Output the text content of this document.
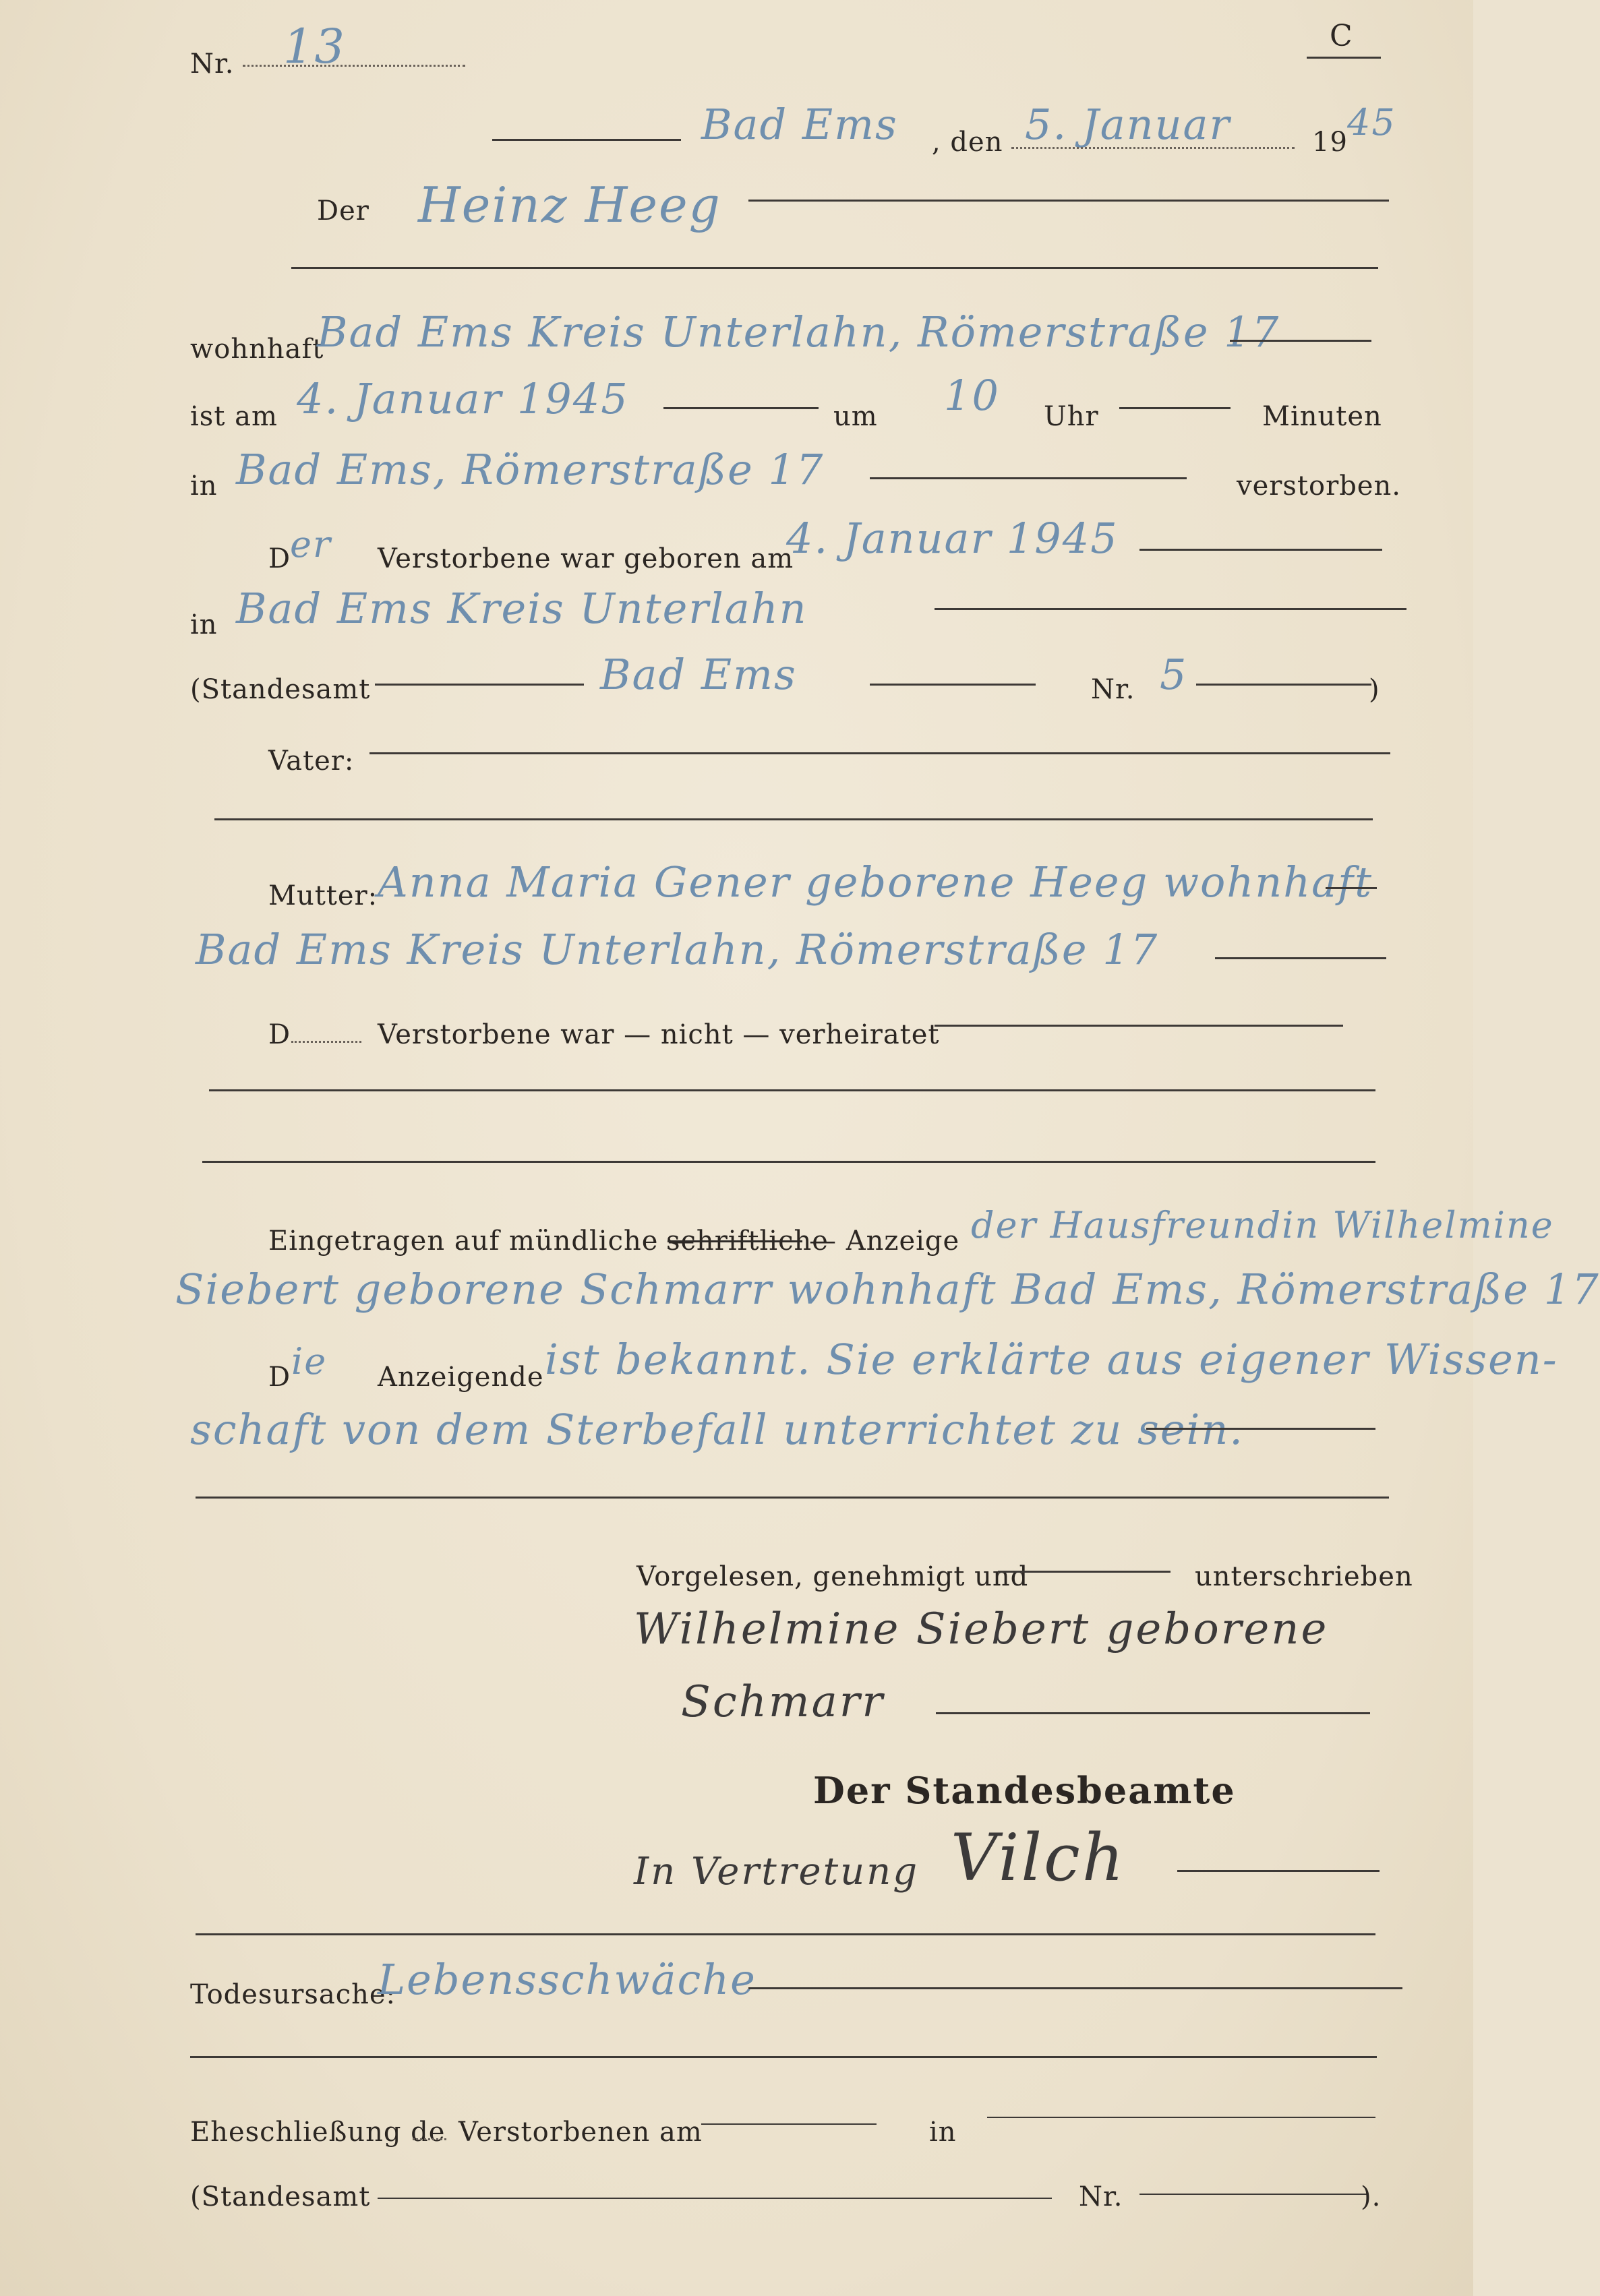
Nr. 13	C
Bad Ems , den 5. Januar	19 45
Der Heinz Heeg
wohnhaft
Bad Ems Kreis Unterlahn, Römerstraße 17
ist am 4. Januar 1945	um 10 Uhr	Minuten
in Bad Ems, Römerstraße 17	verstorben.
D
er Verstorbene war geboren am
4. Januar 1945
in Bad Ems Kreis Unterlahn
(Standesamt	Bad Ems	Nr. 5	)
Vater:
Mutter: Anna Maria Gener geborene Heeg wohnhaft
Bad Ems Kreis Unterlahn, Römerstraße 17
D	Verstorbene war — nicht — verheiratet
Eingetragen auf mündliche —
schriftliche
— Anzeige der Hausfreundin Wilhelmine
Siebert geborene Schmarr wohnhaft Bad Ems, Römerstraße 17
D ie Anzeigende ist bekannt. Sie erklärte aus eigener Wissen-
schaft von dem Sterbefall unterrichtet zu sein.
Vorgelesen, genehmigt und	unterschrieben
Wilhelmine Siebert geborene
Schmarr
Der Standesbeamte
In Vertretung Vilch
Todesursache:
Lebensschwäche
Eheschließung de Verstorbenen am	in
(Standesamt	Nr.	).
